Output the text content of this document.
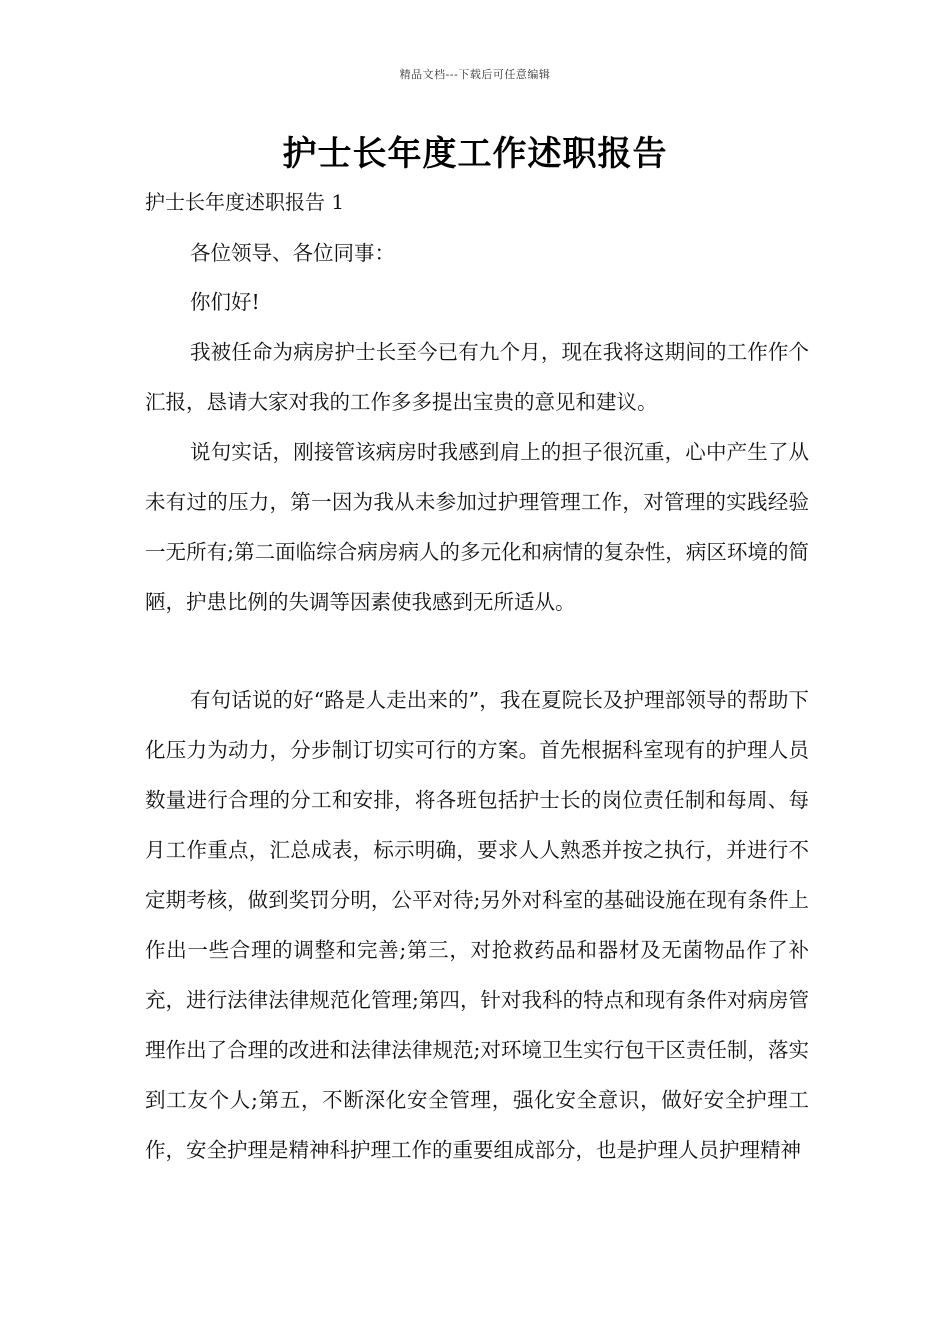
精品文档---下载后可任意编辑
护士长年度工作述职报告
护士长年度述职报告 1

各位领导、各位同事：

你们好!

我被任命为病房护士长至今已有九个月，现在我将这期间的工作作个汇报，恳请大家对我的工作多多提出宝贵的意见和建议。

说句实话，刚接管该病房时我感到肩上的担子很沉重，心中产生了从未有过的压力，第一因为我从未参加过护理管理工作，对管理的实践经验一无所有;第二面临综合病房病人的多元化和病情的复杂性，病区环境的简陋，护患比例的失调等因素使我感到无所适从。

有句话说的好“路是人走出来的”，我在夏院长及护理部领导的帮助下化压力为动力，分步制订切实可行的方案。首先根据科室现有的护理人员数量进行合理的分工和安排，将各班包括护士长的岗位责任制和每周、每月工作重点，汇总成表，标示明确，要求人人熟悉并按之执行，并进行不定期考核，做到奖罚分明，公平对待;另外对科室的基础设施在现有条件上作出一些合理的调整和完善;第三，对抢救药品和器材及无菌物品作了补充，进行法律法律规范化管理;第四，针对我科的特点和现有条件对病房管理作出了合理的改进和法律法律规范;对环境卫生实行包干区责任制，落实到工友个人;第五，不断深化安全管理，强化安全意识，做好安全护理工作，安全护理是精神科护理工作的重要组成部分，也是护理人员护理精神
